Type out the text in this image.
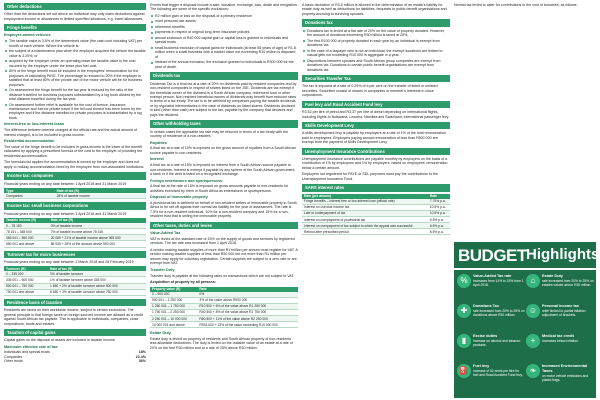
Other deductions

Other than the deductions set out above an individual may only claim deductions against employment income or allowances in limited specified situations, e.g. travel allowances.

Fringe benefits
Employer-owned vehicles
The taxable value is 3.5% of the determined value (the cash cost including VAT) per month of each vehicle. Where the vehicle is:
the subject of a maintenance plan when the employer acquired the vehicle the taxable value is 3.25%; or
acquired by the employer under an operating lease the taxable value is the cost incurred by the employer under the lease plus fuel cost.
80% of the fringe benefit must be included in the employees' remuneration for the purposes of calculating PAYE. The percentage is reduced to 20% if the employer is satisfied that at least 80% of the private use of the motor vehicle will be for business purposes.
On assessment the fringe benefit for the tax year is reduced by the ratio of the distance travelled for business purposes substantiated by a log book divided by the total distance travelled during the tax year.
On assessment further relief is available for the cost of licence, insurance, maintenance and fuel for private travel if the full cost thereof has been borne by the employee and if the distance travelled for private purposes is substantiated by a log book.
Interest-free or low-interest loans

The difference between interest charged at the official rate and the actual amount of interest charged, is to be included in gross income.

Residential accommodation

The value of the fringe benefit to be included in gross income is the lower of the benefit calculated by applying a prescribed formula or the cost to the employer of providing the residential accommodation.

The formula/cost applied the accommodation is owned by the employer and does not apply to holiday accommodation hired by the employee from non-associated institutions.

Income tax: companies

Financial years ending on any date between 1 April 2018 and 31 March 2019

Type	Rate of tax (R)
Companies	28% of taxable income
Income tax: small business corporations

Financial years ending on any date between 1 April 2018 and 31 March 2019

Taxable income (R)	Rate of tax (R)
0 – 78 150	0% of taxable income
78 151 – 365 000	7% of taxable income above 78 150
365 001 – 550 000	20 089 + 21% of taxable income above 365 000
550 001 and above	58 939 + 28% of the amount above 550 000
Turnover tax for micro businesses

Financial years ending on any date between 1 March 2018 and 28 February 2019

Turnover (R)	Rate of tax (R)
0 – 335 000	0% of taxable turnover
335 001 – 500 000	1% of taxable turnover above 335 000
500 001 – 750 000	1 650 + 2% of taxable turnover above 500 000
750 001 and above	6 650 + 3% of taxable turnover above 750 000
Residence basis of taxation

Residents are taxed on their worldwide income, subject to certain exclusions. The general principle is that foreign taxes on foreign sourced income are allowed as a credit against South African tax payable. This is applicable to individuals, companies, close corporations, trusts and estates.

Taxation of capital gains

Capital gains on the disposal of assets are included in taxable income.

Maximum effective rate of tax:
Individuals and special trusts	18%
Companies	22.4%
Other trusts	36%

Events that trigger a disposal include a sale, donation, exchange, loss, death and emigration. The following are some of the specific exclusions:

R2 million gain or loss on the disposal of a primary residence
most personal use assets
retirement benefits
payments in respect of original long-term insurance policies
annual exclusion of R40 000 capital gain or capital loss is granted to individuals and special trusts
small business exclusion of capital gains for individuals (at least 55 years of age) of R1.8 million when a small business with a market value not exceeding R10 million is disposed of
instead of the annual exclusion, the exclusion granted to individuals is R300 000 for the year of death.
Dividends tax

Dividends Tax is a final tax at a rate of 20% on dividends paid by resident companies and by non-resident companies in respect of shares listed on the JSE. Dividends are tax exempt if the beneficial owner of the dividend is a South African company, retirement fund or other exempt person. Non-resident beneficial owners of dividends may benefit from reduced rates in terms of a tax treaty. The tax is to be withheld by companies paying the taxable dividends or by regulated intermediaries in the case of dividends on listed shares. Dividends declared in kind (other than cash) are subject to the tax, payable by the company that declares and pays the dividend.

Other withholding taxes

In certain cases the applicable tax rate may be reduced in terms of a tax treaty with the country of residence of a non-resident.

Royalties

A final tax at a rate of 15% is imposed on the gross amount of royalties from a South African source payable to non-residents.

Interest

A final tax at a rate of 15% is imposed on interest from a South African source payable to non-residents. Interest is exempt if payable by any sphere of the South African government, a bank or if the debt is listed on a recognised exchange.

Foreign entertainers and sportspersons

A final tax at the rate of 15% is imposed on gross amounts payable to non-residents for activities exercised by them in South Africa as entertainers or sportspersons.

Disposal of immovable property

A provisional tax is withheld on behalf of non-resident sellers of immovable property in South Africa to be set off against their normal tax liability for the year of assessment. The rate is 7.5% for a non-resident individual, 10% for a non-resident company and 15% for a non-resident trust that is selling the immovable property.

Other taxes, duties and levies
Value-Added Tax

VAT is levied at the standard rate of 15% on the supply of goods and services by registered vendors. The tax rate was increased from 1 April 2018.

A vendor making taxable supplies of more than R1 million per annum must register for VAT. A vendor making taxable supplies of less than R50 000 but not more than R1 million per annum may apply for voluntary registration. Certain supplies are subject to a zero rate or are exempt from VAT.

Transfer Duty

Transfer duty is payable at the following rates on transactions which are not subject to VAT:

Acquisition of property by all persons:

Property value (R)	Rate
0 – 900 000	0%
900 001 – 1 250 000	3% of the value above R900 000
1 250 001 – 1 750 000	R10 500 + 6% of the value above R1 250 000
1 750 001 – 2 250 000	R40 500 + 8% of the value above R1 750 000
2 250 001 – 10 000 000	R80 500 + 11% of the value above R2 250 000
10 000 001 and above	R933 000 + 13% of the value exceeding R10 000 000
Estate Duty

Estate duty is levied on property of residents and South African property of non-residents less allowable deductions. The duty is levied on the dutiable value of an estate at a rate of 20% on the first R30 million and at a rate of 25% above R30 million.

A basic deduction of R3.5 million is allowed in the determination of an estate's liability for estate duty as well as deductions for liabilities, bequests to public benefit organisations and property accruing to surviving spouses.

Donations tax
Donations tax is levied at a flat rate of 20% on the value of property donated. However, the amount of donations exceeding R30 million is taxed at 25%.
The first R100 000 of property donated in each year by an individual is exempt from donations tax.
In the case of a taxpayer who is not an individual, the exempt donations are limited to casual gifts not exceeding R10 000 in aggregate in a year.
Dispositions between spouses and South African group companies are exempt from donations tax. Donations to certain public benefit organisations are exempt from donations tax.
Securities Transfer Tax

The tax is imposed at a rate of 0.25% of a per cent on the transfer of listed or unlisted securities. Securities consist of shares in companies or member's interests in close corporations.

Fuel levy and Road Accident Fund levy

R3.52 per litre of petrol and R3.37 per litre of diesel depending on international flights, including flights to Botswana, Lesotho, Namibia and Swaziland; international passenger levy.

Skills Development Levy

A skills development levy is payable by employers at a rate of 1% of the total remuneration paid to employees. Employers paying annual remuneration of less than R500 000 are exempt from the payment of Skills Development Levy.

Unemployment Insurance Contributions

Unemployment insurance contributions are payable monthly by employers on the basis of a contribution of 1% by employees and 1% by employers, based on employees' remuneration below a certain amount.

Employers not registered for PAYE or SDL purposes must pay the contributions to the Unemployment Insurance Fund.

SARS interest rates
Rate (per annum)	Rate
Fringe benefits – interest free or low-interest loan (official rate)	7.75% p.a.
Interest on overdue income tax	10.5% p.a.
Late or underpayment of tax	10.5% p.a.
Interest on overpayment of provisional tax	6.5% p.a.
Interest on overpayment of tax subject to which the appeal was successful	6.5% p.a.
Refund after prescribed period	6.5% p.a.

Normal tax levied to cater for contributions to the cost of bursaries, as follows:

BUDGET Highlights
%	Value-Added Tax rate
increases from 14% to 15% from 1 April 2018.
⌂	Estate Duty
rate increased from 20% to 25% on estates valued above R30 million.
✚	Donations Tax
rate increased from 20% to 25% on donations above R30 million.
☺	Personal income tax
relief limited to partial inflation adjustment of brackets.
▮	Excise duties
increase on alcohol and tobacco products.
+	Medical tax credit
increases below inflation.
⛽	Fuel levy
increase of 52 cents per litre for fuel and Road Accident Fund levy.
❧	Increased Environmental Taxes
on motor vehicle emissions and plastic bags.
